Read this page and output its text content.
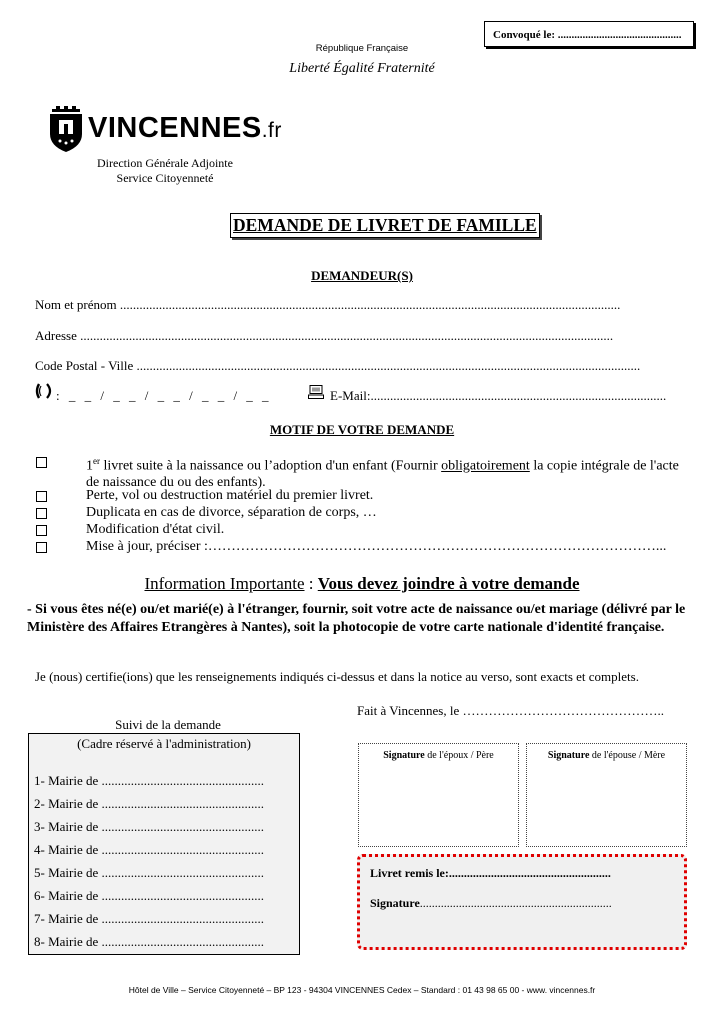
Convoqué le: .............................................
République Française
Liberté Égalité Fraternité
VINCENNES.fr
Direction Générale Adjointe
Service Citoyenneté
DEMANDE DE LIVRET DE FAMILLE
DEMANDEUR(S)
Nom et prénom ..........................................................................................................................................................
Adresse ....................................................................................................................................................................
Code Postal - Ville ...........................................................................................................................................................
: _ _ / _ _ / _ _ / _ _ / _ _	E-Mail:...........................................................................................
MOTIF DE VOTRE DEMANDE
1er livret suite à la naissance ou l’adoption d'un enfant (Fournir obligatoirement la copie intégrale de l'acte de naissance du ou des enfants).
Perte, vol ou destruction matériel du premier livret.
Duplicata en cas de divorce, séparation de corps, …
Modification d'état civil.
Mise à jour, préciser :……………………………………………………………………………………...
Information Importante : Vous devez joindre à votre demande
- Si vous êtes né(e) ou/et marié(e) à l'étranger, fournir, soit votre acte de naissance ou/et mariage (délivré par le Ministère des Affaires Etrangères à Nantes), soit la photocopie de votre carte nationale d'identité française.
Je (nous) certifie(ions) que les renseignements indiqués ci-dessus et dans la notice au verso, sont exacts et complets.
Fait à Vincennes, le ………………………………………..
Suivi de la demande
(Cadre réservé à l'administration)
1- Mairie de ..................................................
2- Mairie de ..................................................
3- Mairie de ..................................................
4- Mairie de ..................................................
5- Mairie de ..................................................
6- Mairie de ..................................................
7- Mairie de ..................................................
8- Mairie de ..................................................
Signature de l'époux / Père	Signature de l'épouse / Mère
Livret remis le:......................................................
Signature................................................................
Hôtel de Ville – Service Citoyenneté – BP 123 - 94304 VINCENNES Cedex – Standard : 01 43 98 65 00 - www. vincennes.fr
